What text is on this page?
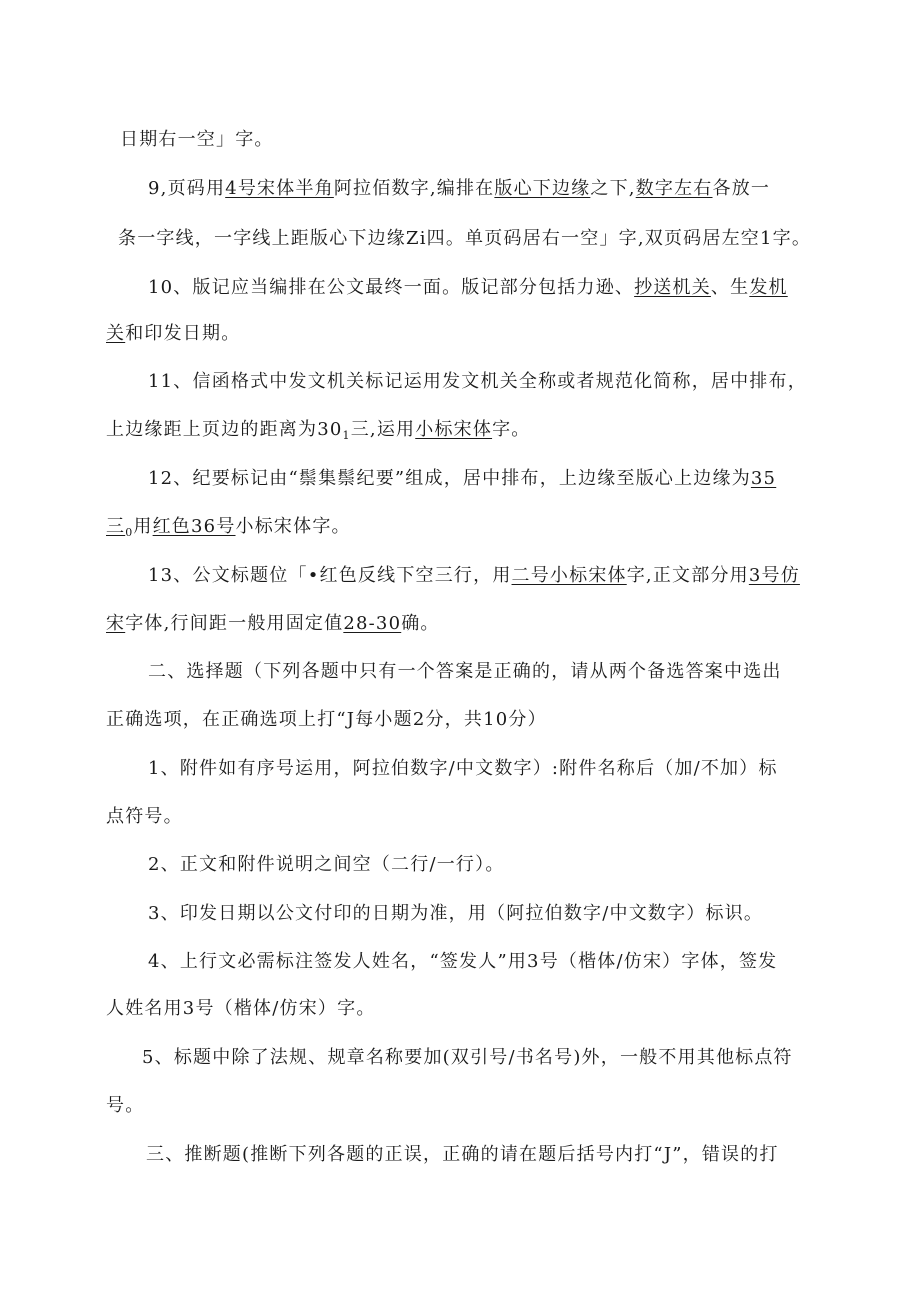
日期右一空」字。
9,页码用4号宋体半角阿拉佰数字,编排在版心下边缘之下,数字左右各放一
条一字线，一字线上距版心下边缘Zi四。单页码居右一空」字,双页码居左空1字。
10、版记应当编排在公文最终一面。版记部分包括力逊、抄送机关、生发机
关和印发日期。
11、信函格式中发文机关标记运用发文机关全称或者规范化简称，居中排布，
上边缘距上页边的距离为$30_1$三,运用小标宋体字。
12、纪要标记由“鬃集鬃纪要”组成，居中排布，上边缘至版心上边缘为35
三$_0$用红色36号小标宋体字。
13、公文标题位「•红色反线下空三行，用二号小标宋体字,正文部分用3号仿
宋字体,行间距一般用固定值28-30确。
二、选择题（下列各题中只有一个答案是正确的，请从两个备选答案中选出
正确选项，在正确选项上打“J每小题2分，共10分）
1、附件如有序号运用，阿拉伯数字/中文数字）:附件名称后（加/不加）标
点符号。
2、正文和附件说明之间空（二行/一行）。
3、印发日期以公文付印的日期为准，用（阿拉伯数字/中文数字）标识。
4、上行文必需标注签发人姓名，“签发人”用3号（楷体/仿宋）字体，签发
人姓名用3号（楷体/仿宋）字。
5、标题中除了法规、规章名称要加(双引号/书名号)外，一般不用其他标点符
号。
三、推断题(推断下列各题的正误，正确的请在题后括号内打“J”，错误的打
